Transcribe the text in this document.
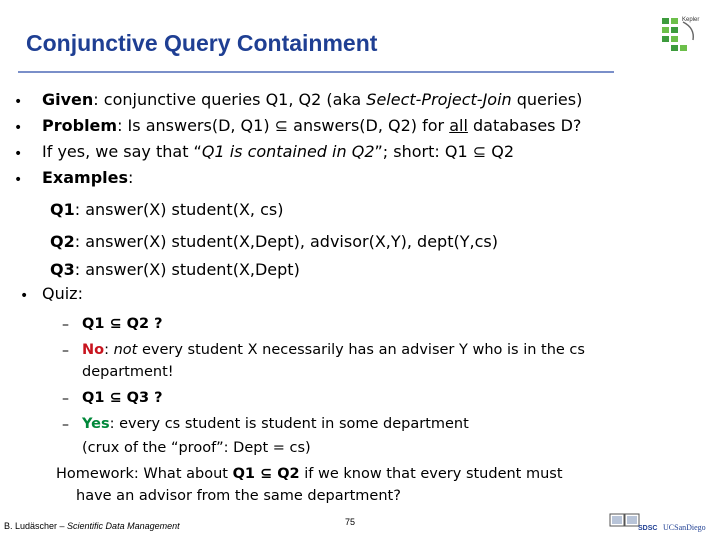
Conjunctive Query Containment
Kepler
• Given: conjunctive queries Q1, Q2 (aka Select-Project-Join queries)
• Problem: Is answers(D, Q1) ⊆ answers(D, Q2) for all databases D?
• If yes, we say that “Q1 is contained in Q2”; short: Q1 ⊆ Q2
• Examples:
Q1: answer(X) student(X, cs)
Q2: answer(X) student(X,Dept), advisor(X,Y), dept(Y,cs)
Q3: answer(X) student(X,Dept)
• Quiz:
– Q1 ⊆ Q2 ?
– No: not every student X necessarily has an adviser Y who is in the cs
department!
– Q1 ⊆ Q3 ?
– Yes: every cs student is student in some department
(crux of the “proof”: Dept = cs)
Homework: What about Q1 ⊆ Q2 if we know that every student must
have an advisor from the same department?
B. Ludäscher – Scientific Data Management	75
SDSC UCSanDiego
